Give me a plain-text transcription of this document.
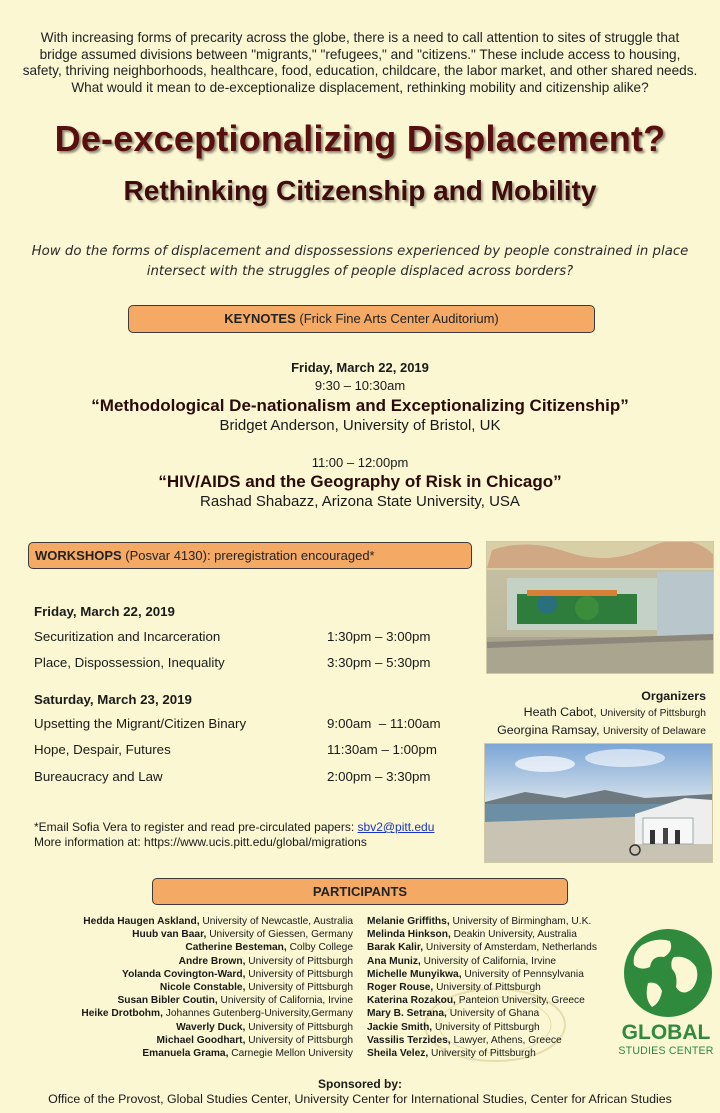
With increasing forms of precarity across the globe, there is a need to call attention to sites of struggle that bridge assumed divisions between "migrants," "refugees," and "citizens." These include access to housing, safety, thriving neighborhoods, healthcare, food, education, childcare, the labor market, and other shared needs. What would it mean to de-exceptionalize displacement, rethinking mobility and citizenship alike?
De-exceptionalizing Displacement?
Rethinking Citizenship and Mobility
How do the forms of displacement and dispossessions experienced by people constrained in place intersect with the struggles of people displaced across borders?
KEYNOTES (Frick Fine Arts Center Auditorium)
Friday, March 22, 2019
9:30 – 10:30am
“Methodological De-nationalism and Exceptionalizing Citizenship”
Bridget Anderson, University of Bristol, UK
11:00 – 12:00pm
“HIV/AIDS and the Geography of Risk in Chicago”
Rashad Shabazz, Arizona State University, USA
WORKSHOPS (Posvar 4130): preregistration encouraged*
Friday, March 22, 2019
Securitization and Incarceration	1:30pm – 3:00pm
Place, Dispossession, Inequality	3:30pm – 5:30pm
Saturday, March 23, 2019
Upsetting the Migrant/Citizen Binary	9:00am  – 11:00am
Hope, Despair, Futures	11:30am – 1:00pm
Bureaucracy and Law	2:00pm – 3:30pm
Organizers
Heath Cabot, University of Pittsburgh
Georgina Ramsay, University of Delaware
*Email Sofia Vera to register and read pre-circulated papers: sbv2@pitt.edu
More information at: https://www.ucis.pitt.edu/global/migrations
PARTICIPANTS
Hedda Haugen Askland, University of Newcastle, Australia
Huub van Baar, University of Giessen, Germany
Catherine Besteman, Colby College
Andre Brown, University of Pittsburgh
Yolanda Covington-Ward, University of Pittsburgh
Nicole Constable, University of Pittsburgh
Susan Bibler Coutin, University of California, Irvine
Heike Drotbohm, Johannes Gutenberg-University,Germany
Waverly Duck, University of Pittsburgh
Michael Goodhart, University of Pittsburgh
Emanuela Grama, Carnegie Mellon University
Melanie Griffiths, University of Birmingham, U.K.
Melinda Hinkson, Deakin University, Australia
Barak Kalir, University of Amsterdam, Netherlands
Ana Muniz, University of California, Irvine
Michelle Munyikwa, University of Pennsylvania
Roger Rouse, University of Pittsburgh
Katerina Rozakou, Panteion University, Greece
Mary B. Setrana, University of Ghana
Jackie Smith, University of Pittsburgh
Vassilis Terzides, Lawyer, Athens, Greece
Sheila Velez, University of Pittsburgh
GLOBAL
STUDIES CENTER
Sponsored by:
Office of the Provost, Global Studies Center, University Center for International Studies, Center for African Studies
